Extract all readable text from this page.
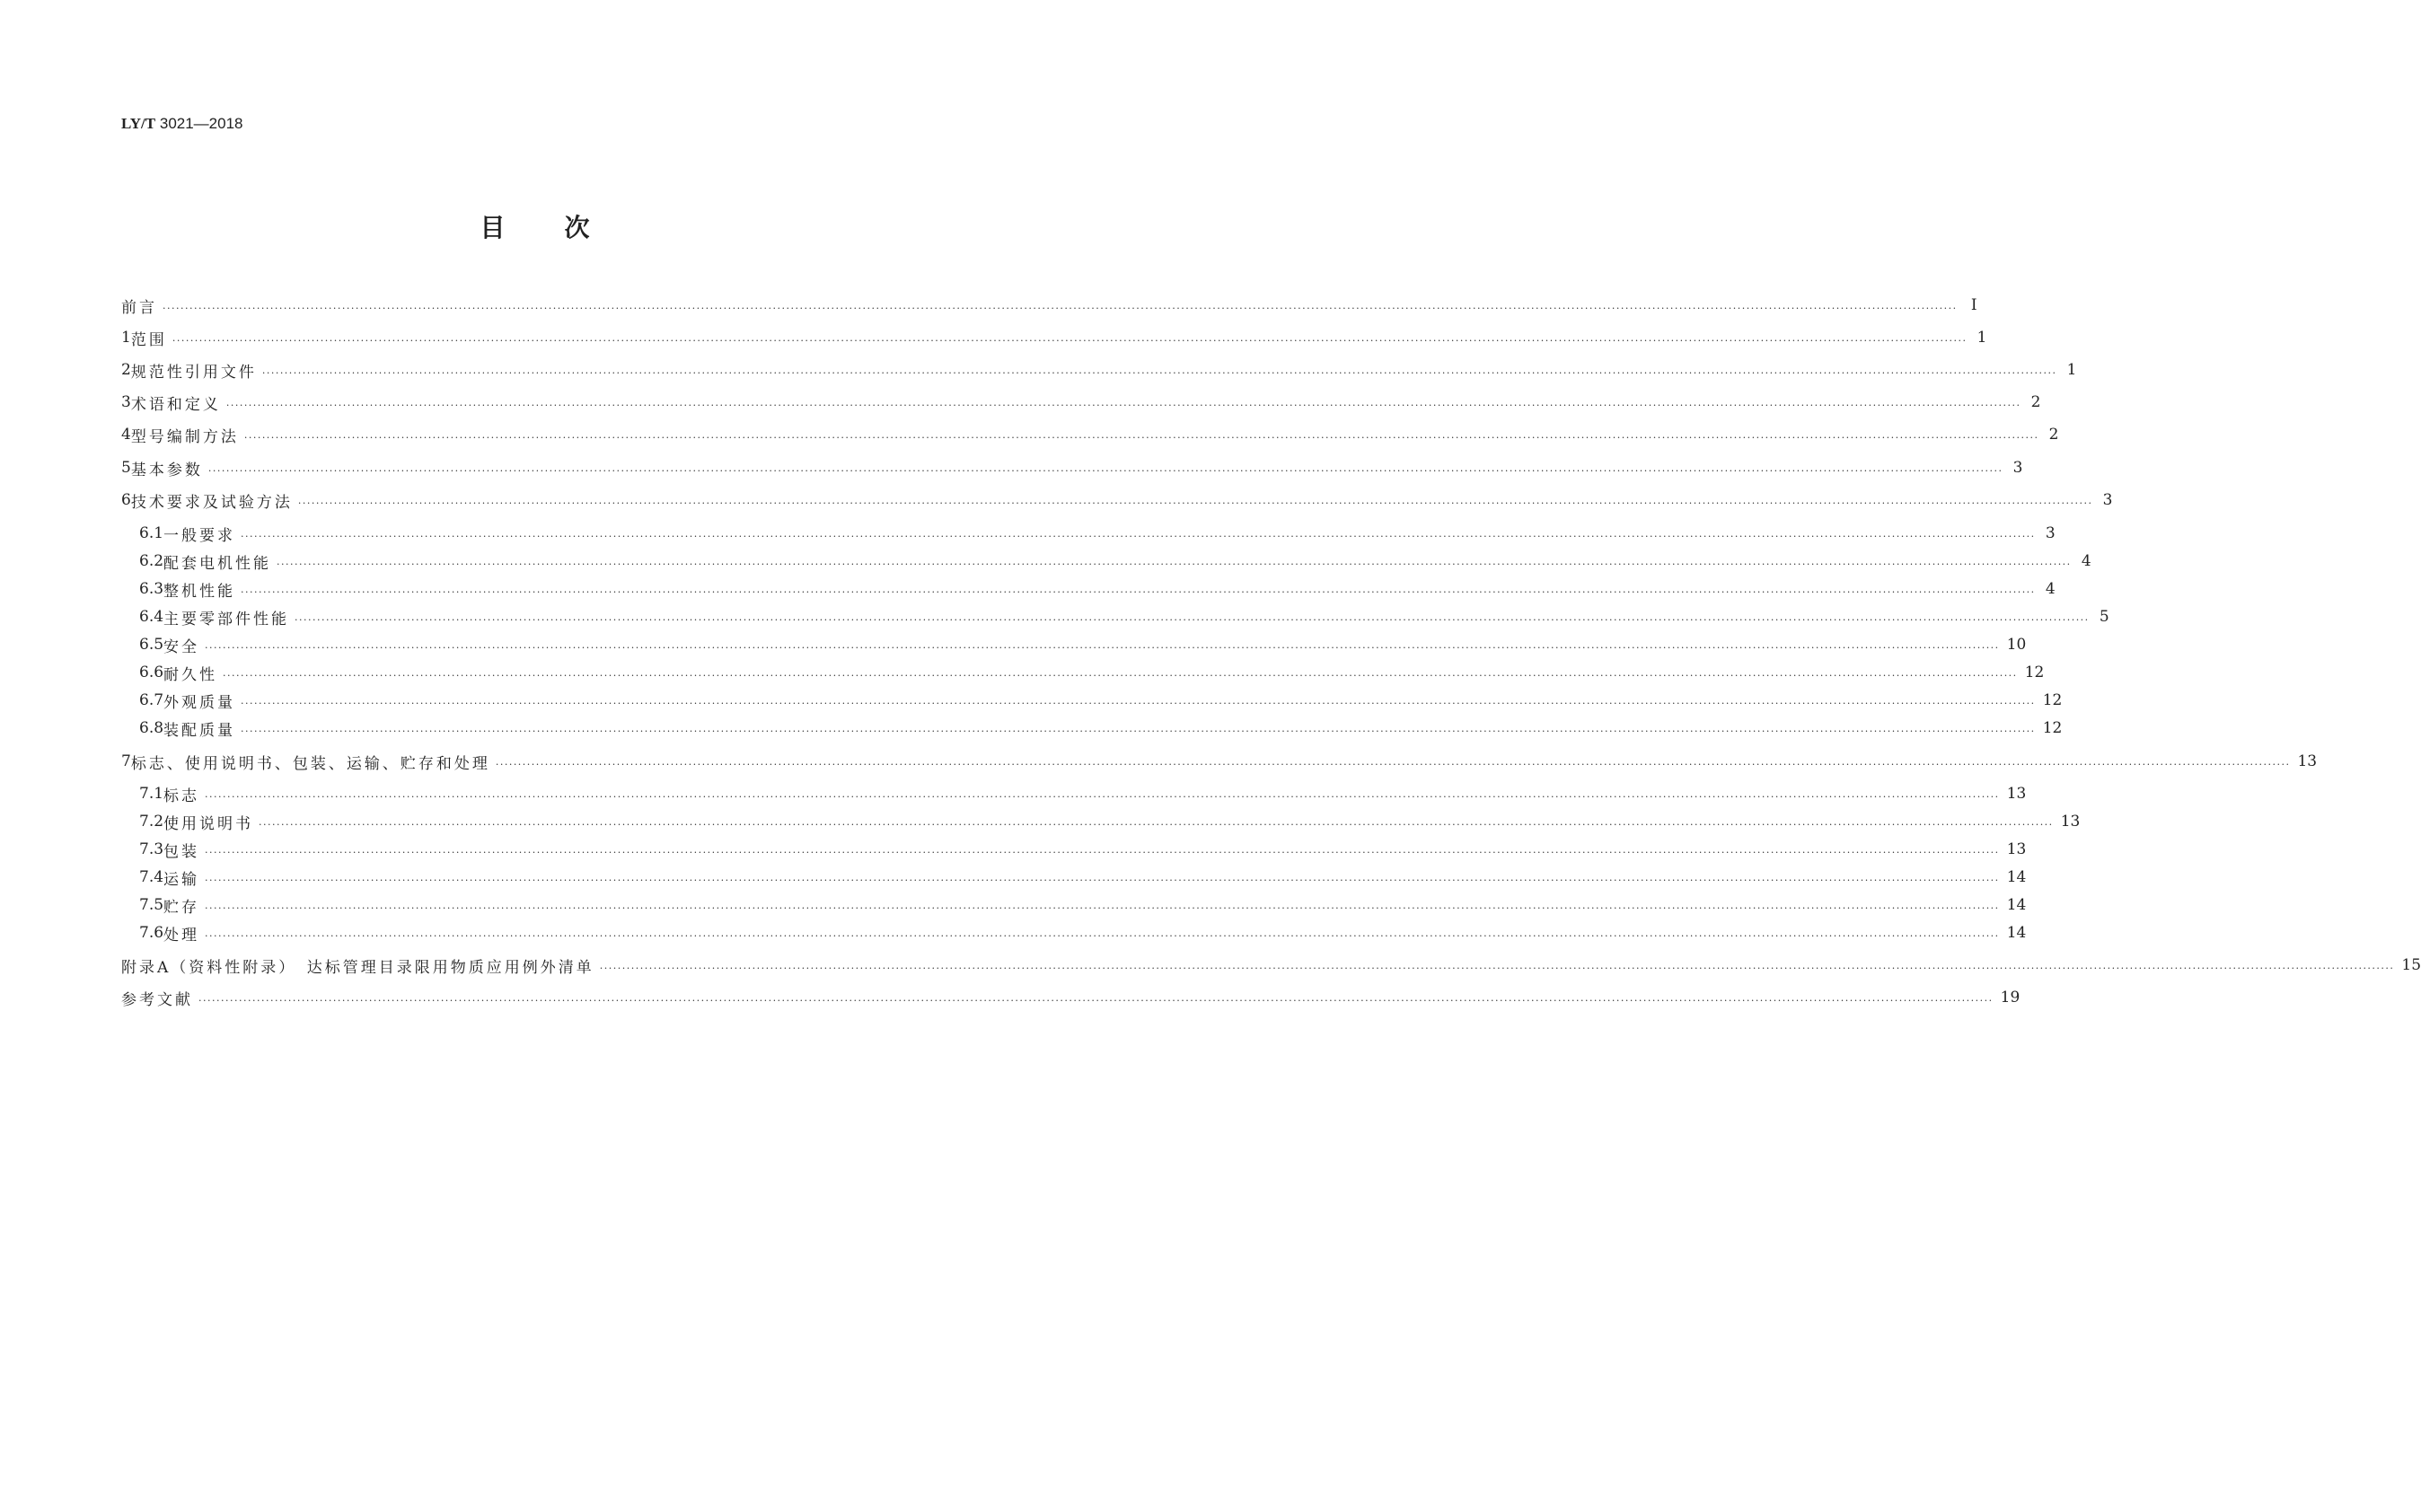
LY/T 3021—2018
目次
前言 ................................................................................................................................................................................................................................................................................................................................................................................................................ Ⅰ
1 范围 ................................................................................................................................................................................................................................................................................................................................................................................................................ 1
2 规范性引用文件 ................................................................................................................................................................................................................................................................................................................................................................................................................ 1
3 术语和定义 ................................................................................................................................................................................................................................................................................................................................................................................................................ 2
4 型号编制方法 ................................................................................................................................................................................................................................................................................................................................................................................................................ 2
5 基本参数 ................................................................................................................................................................................................................................................................................................................................................................................................................ 3
6 技术要求及试验方法 ................................................................................................................................................................................................................................................................................................................................................................................................................ 3
6.1 一般要求 ................................................................................................................................................................................................................................................................................................................................................................................................................ 3
6.2 配套电机性能 ................................................................................................................................................................................................................................................................................................................................................................................................................ 4
6.3 整机性能 ................................................................................................................................................................................................................................................................................................................................................................................................................ 4
6.4 主要零部件性能 ................................................................................................................................................................................................................................................................................................................................................................................................................ 5
6.5 安全 ................................................................................................................................................................................................................................................................................................................................................................................................................ 10
6.6 耐久性 ................................................................................................................................................................................................................................................................................................................................................................................................................ 12
6.7 外观质量 ................................................................................................................................................................................................................................................................................................................................................................................................................ 12
6.8 装配质量 ................................................................................................................................................................................................................................................................................................................................................................................................................ 12
7 标志、使用说明书、包装、运输、贮存和处理 ................................................................................................................................................................................................................................................................................................................................................................................................................ 13
7.1 标志 ................................................................................................................................................................................................................................................................................................................................................................................................................ 13
7.2 使用说明书 ................................................................................................................................................................................................................................................................................................................................................................................................................ 13
7.3 包装 ................................................................................................................................................................................................................................................................................................................................................................................................................ 13
7.4 运输 ................................................................................................................................................................................................................................................................................................................................................................................................................ 14
7.5 贮存 ................................................................................................................................................................................................................................................................................................................................................................................................................ 14
7.6 处理 ................................................................................................................................................................................................................................................................................................................................................................................................................ 14
附录A（资料性附录）　达标管理目录限用物质应用例外清单 ................................................................................................................................................................................................................................................................................................................................................................................................................ 15
参考文献 ................................................................................................................................................................................................................................................................................................................................................................................................................ 19
